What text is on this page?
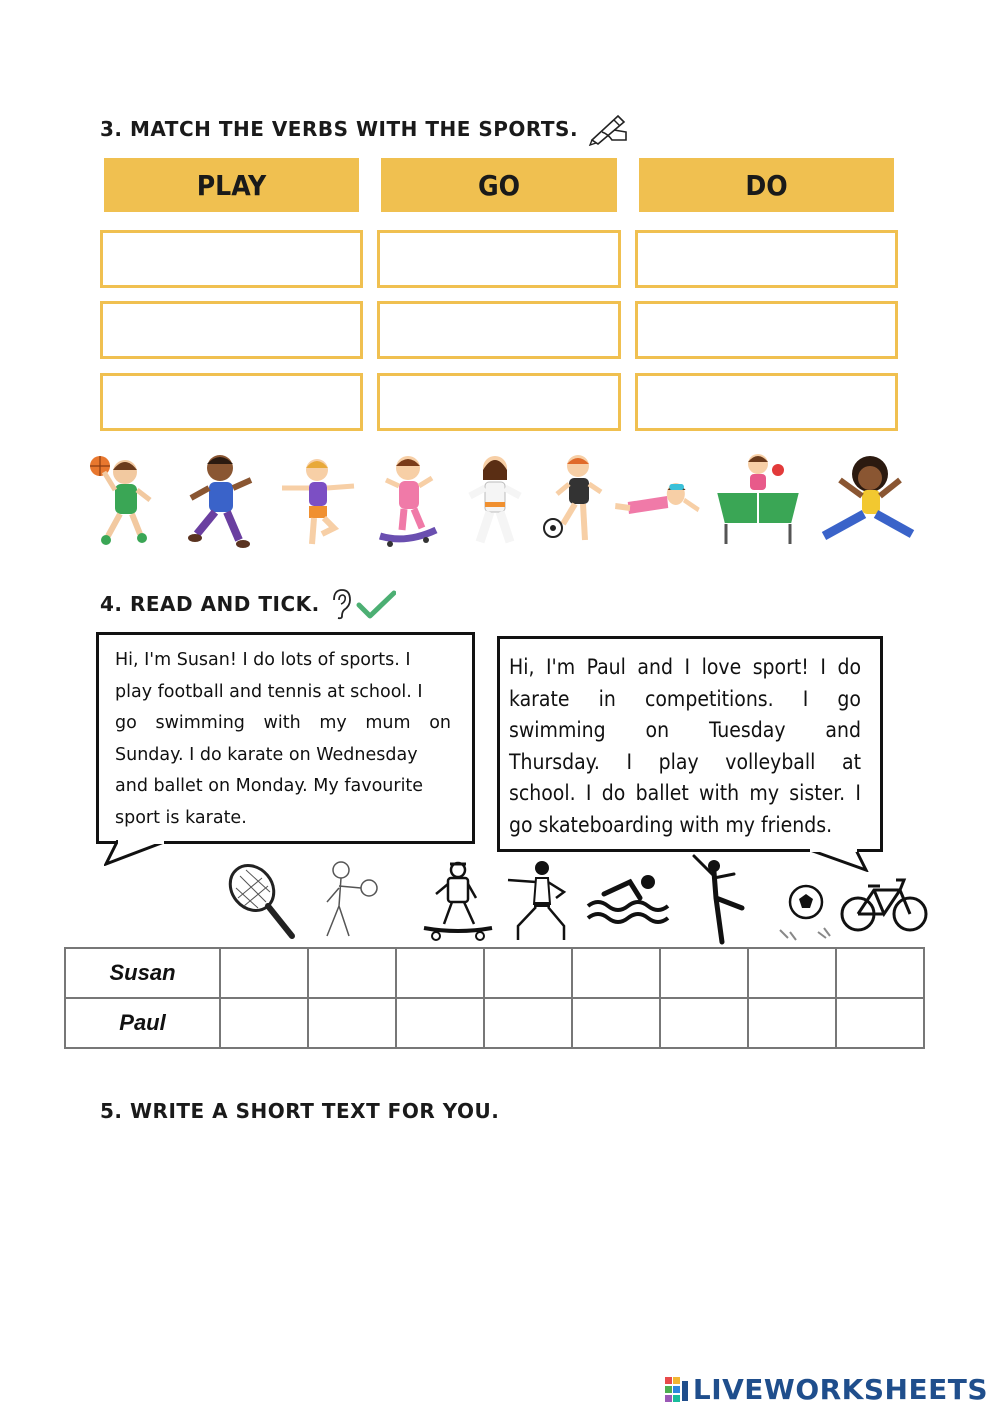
3. MATCH THE VERBS WITH THE SPORTS.
PLAY	GO	DO
4. READ AND TICK.
Hi, I'm Susan! I do lots of sports. I
play football and tennis at school. I
go swimming with my mum on
Sunday. I do karate on Wednesday
and ballet on Monday. My favourite
sport is karate.
Hi, I'm Paul and I love sport! I do
karate in competitions. I go
swimming on Tuesday and
Thursday. I play volleyball at
school. I do ballet with my sister. I
go skateboarding with my friends.
Susan								
Paul								
5. WRITE A SHORT TEXT FOR YOU.
LIVEWORKSHEETS
